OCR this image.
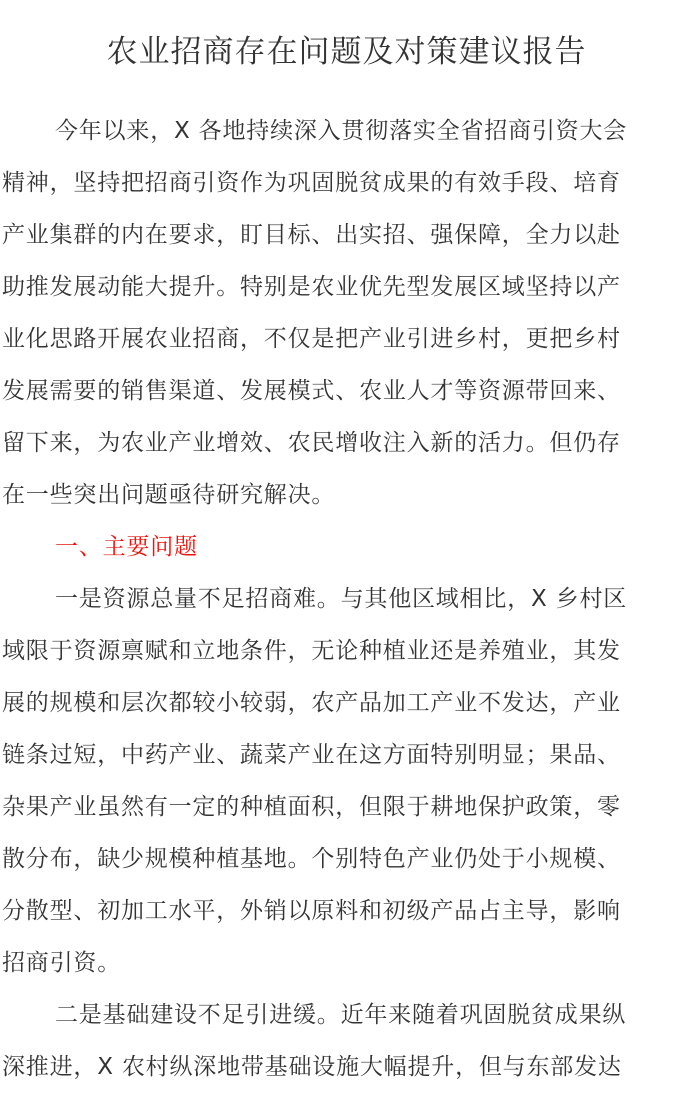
农业招商存在问题及对策建议报告

今年以来，X 各地持续深入贯彻落实全省招商引资大会

精神，坚持把招商引资作为巩固脱贫成果的有效手段、培育

产业集群的内在要求，盯目标、出实招、强保障，全力以赴

助推发展动能大提升。特别是农业优先型发展区域坚持以产

业化思路开展农业招商，不仅是把产业引进乡村，更把乡村

发展需要的销售渠道、发展模式、农业人才等资源带回来、

留下来，为农业产业增效、农民增收注入新的活力。但仍存

在一些突出问题亟待研究解决。

一、主要问题

一是资源总量不足招商难。与其他区域相比，X 乡村区

域限于资源禀赋和立地条件，无论种植业还是养殖业，其发

展的规模和层次都较小较弱，农产品加工产业不发达，产业

链条过短，中药产业、蔬菜产业在这方面特别明显；果品、

杂果产业虽然有一定的种植面积，但限于耕地保护政策，零

散分布，缺少规模种植基地。个别特色产业仍处于小规模、

分散型、初加工水平，外销以原料和初级产品占主导，影响

招商引资。

二是基础建设不足引进缓。近年来随着巩固脱贫成果纵

深推进，X 农村纵深地带基础设施大幅提升，但与东部发达
